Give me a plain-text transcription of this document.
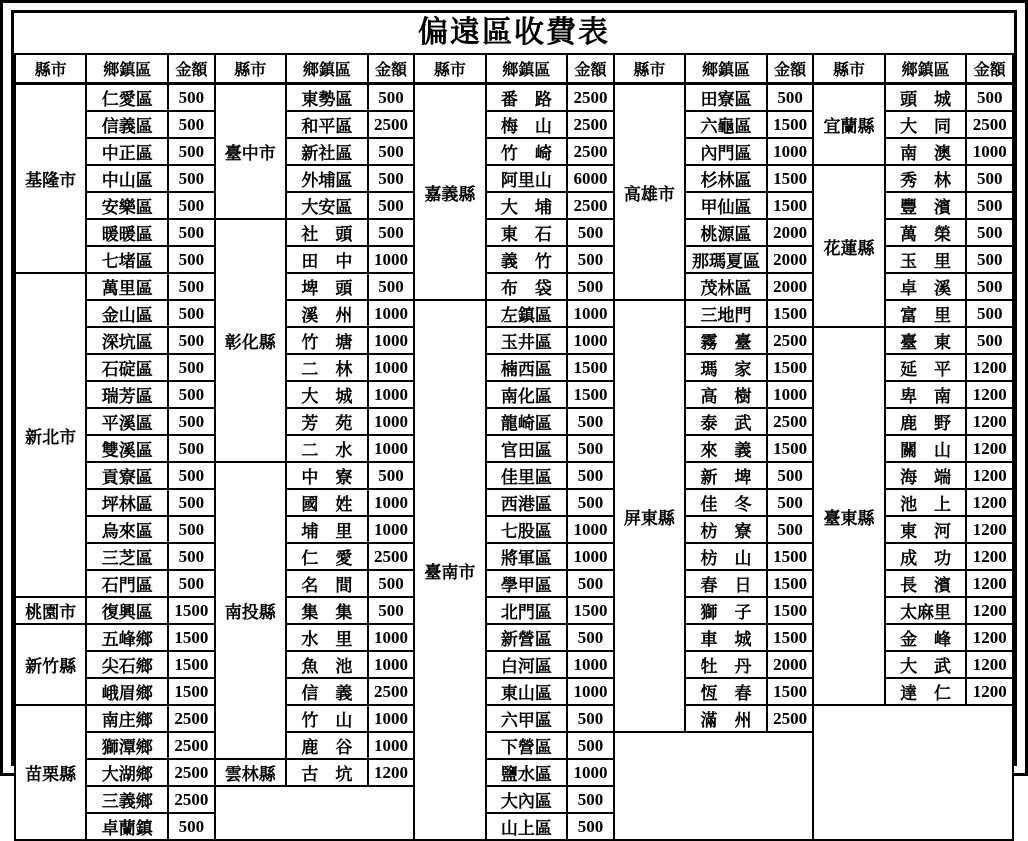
偏遠區收費表
縣市	鄉鎮區	金額	縣市	鄉鎮區	金額	縣市	鄉鎮區	金額	縣市	鄉鎮區	金額	縣市	鄉鎮區	金額
基隆市	仁愛區	500	臺中市	東勢區	500	嘉義縣	番　路	2500	高雄市	田寮區	500	宜蘭縣	頭　城	500
	信義區	500		和平區	2500		梅　山	2500		六龜區	1500		大　同	2500
	中正區	500		新社區	500		竹　崎	2500		內門區	1000		南　澳	1000
	中山區	500		外埔區	500		阿里山	6000		杉林區	1500	花蓮縣	秀　林	500
	安樂區	500		大安區	500		大　埔	2500		甲仙區	1500		豐　濱	500
	暖暖區	500	彰化縣	社　頭	500		東　石	500		桃源區	2000		萬　榮	500
	七堵區	500		田　中	1000		義　竹	500		那瑪夏區	2000		玉　里	500
新北市	萬里區	500		埤　頭	500		布　袋	500		茂林區	2000		卓　溪	500
	金山區	500		溪　州	1000	臺南市	左鎮區	1000	屏東縣	三地門	1500		富　里	500
	深坑區	500		竹　塘	1000		玉井區	1000		霧　臺	2500	臺東縣	臺　東	500
	石碇區	500		二　林	1000		楠西區	1500		瑪　家	1500		延　平	1200
	瑞芳區	500		大　城	1000		南化區	1500		高　樹	1000		卑　南	1200
	平溪區	500		芳　苑	1000		龍崎區	500		泰　武	2500		鹿　野	1200
	雙溪區	500		二　水	1000		官田區	500		來　義	1500		關　山	1200
	貢寮區	500	南投縣	中　寮	500		佳里區	500		新　埤	500		海　端	1200
	坪林區	500		國　姓	1000		西港區	500		佳　冬	500		池　上	1200
	烏來區	500		埔　里	1000		七股區	1000		枋　寮	500		東　河	1200
	三芝區	500		仁　愛	2500		將軍區	1000		枋　山	1500		成　功	1200
	石門區	500		名　間	500		學甲區	500		春　日	1500		長　濱	1200
桃園市	復興區	1500		集　集	500		北門區	1500		獅　子	1500		太麻里	1200
新竹縣	五峰鄉	1500		水　里	1000		新營區	500		車　城	1500		金　峰	1200
	尖石鄉	1500		魚　池	1000		白河區	1000		牡　丹	2000		大　武	1200
	峨眉鄉	1500		信　義	2500		東山區	1000		恆　春	1500		達　仁	1200
苗栗縣	南庄鄉	2500		竹　山	1000		六甲區	500		滿　州	2500			
	獅潭鄉	2500		鹿　谷	1000		下營區	500						
	大湖鄉	2500	雲林縣	古　坑	1200		鹽水區	1000						
	三義鄉	2500					大內區	500						
	卓蘭鎮	500					山上區	500						
